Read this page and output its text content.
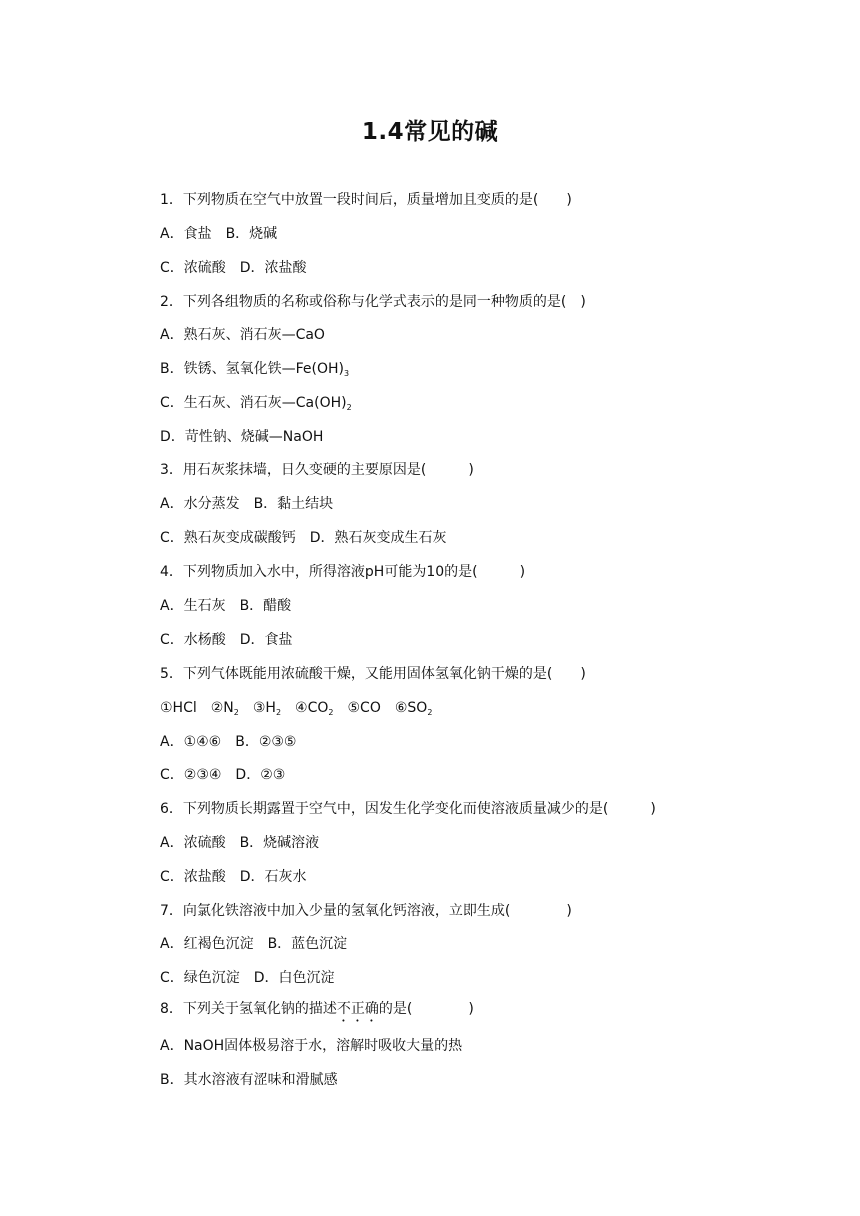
1.4常见的碱
1．下列物质在空气中放置一段时间后，质量增加且变质的是(　　)
A．食盐　B．烧碱
C．浓硫酸　D．浓盐酸
2．下列各组物质的名称或俗称与化学式表示的是同一种物质的是(　)
A．熟石灰、消石灰—CaO
B．铁锈、氢氧化铁$—Fe(OH)_3$
C．生石灰、消石灰$—Ca(OH)_2$
D．苛性钠、烧碱—NaOH
3．用石灰浆抹墙，日久变硬的主要原因是(　　　)
A．水分蒸发　B．黏土结块
C．熟石灰变成碳酸钙　D．熟石灰变成生石灰
4．下列物质加入水中，所得溶液pH可能为10的是(　　　)
A．生石灰　B．醋酸
C．水杨酸　D．食盐
5．下列气体既能用浓硫酸干燥，又能用固体氢氧化钠干燥的是(　　)
①HCl　$②N_2$　$③H_2$　$④CO_2$　⑤CO　$⑥SO_2$
A．①④⑥　B．②③⑤
C．②③④　D．②③
6．下列物质长期露置于空气中，因发生化学变化而使溶液质量减少的是(　　　)
A．浓硫酸　B．烧碱溶液
C．浓盐酸　D．石灰水
7．向氯化铁溶液中加入少量的氢氧化钙溶液，立即生成(　　　　)
A．红褐色沉淀　B．蓝色沉淀
C．绿色沉淀　D．白色沉淀
8．下列关于氢氧化钠的描述不正确的是(　　　　)
A．NaOH固体极易溶于水，溶解时吸收大量的热
B．其水溶液有涩味和滑腻感
